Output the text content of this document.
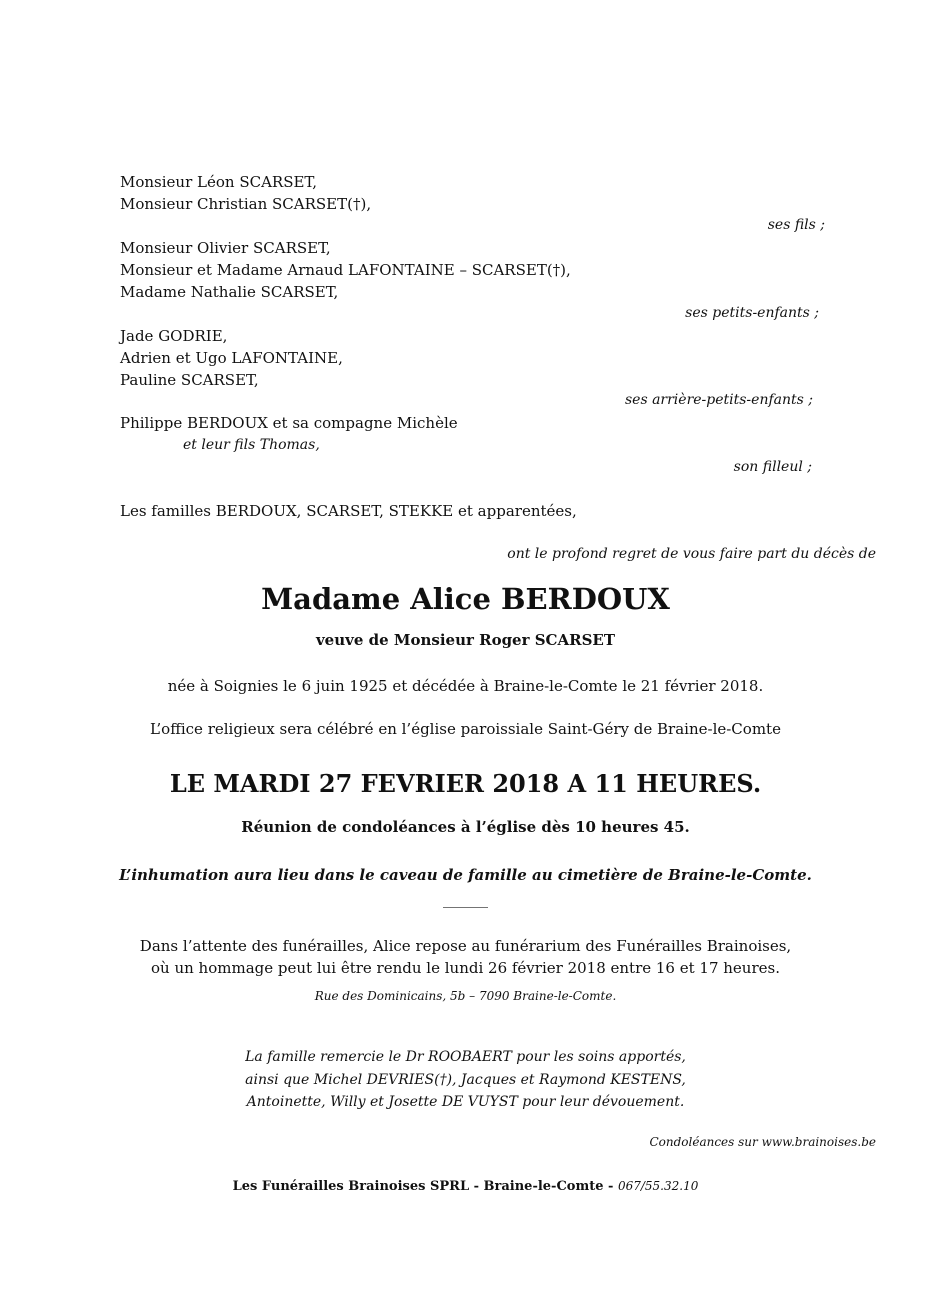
Monsieur Léon SCARSET,
Monsieur Christian SCARSET(†),
ses fils ;
Monsieur Olivier SCARSET,
Monsieur et Madame Arnaud LAFONTAINE – SCARSET(†),
Madame Nathalie SCARSET,
ses petits-enfants ;
Jade GODRIE,
Adrien et Ugo LAFONTAINE,
Pauline SCARSET,
ses arrière-petits-enfants ;
Philippe BERDOUX et sa compagne Michèle
et leur fils Thomas,
son filleul ;
Les familles BERDOUX, SCARSET, STEKKE et apparentées,
ont le profond regret de vous faire part du décès de
Madame Alice BERDOUX
veuve de Monsieur Roger SCARSET
née à Soignies le 6 juin 1925 et décédée à Braine-le-Comte le 21 février 2018.
L’office religieux sera célébré en l’église paroissiale Saint-Géry de Braine-le-Comte
LE MARDI 27 FEVRIER 2018 A 11 HEURES.
Réunion de condoléances à l’église dès 10 heures 45.
L’inhumation aura lieu dans le caveau de famille au cimetière de Braine-le-Comte.
______
Dans l’attente des funérailles, Alice repose au funérarium des Funérailles Brainoises,
où un hommage peut lui être rendu le lundi 26 février 2018 entre 16 et 17 heures.
Rue des Dominicains, 5b – 7090 Braine-le-Comte.
La famille remercie le Dr ROOBAERT pour les soins apportés,
ainsi que Michel DEVRIES(†), Jacques et Raymond KESTENS,
Antoinette, Willy et Josette DE VUYST pour leur dévouement.
Condoléances sur www.brainoises.be
Les Funérailles Brainoises SPRL - Braine-le-Comte - 067/55.32.10
